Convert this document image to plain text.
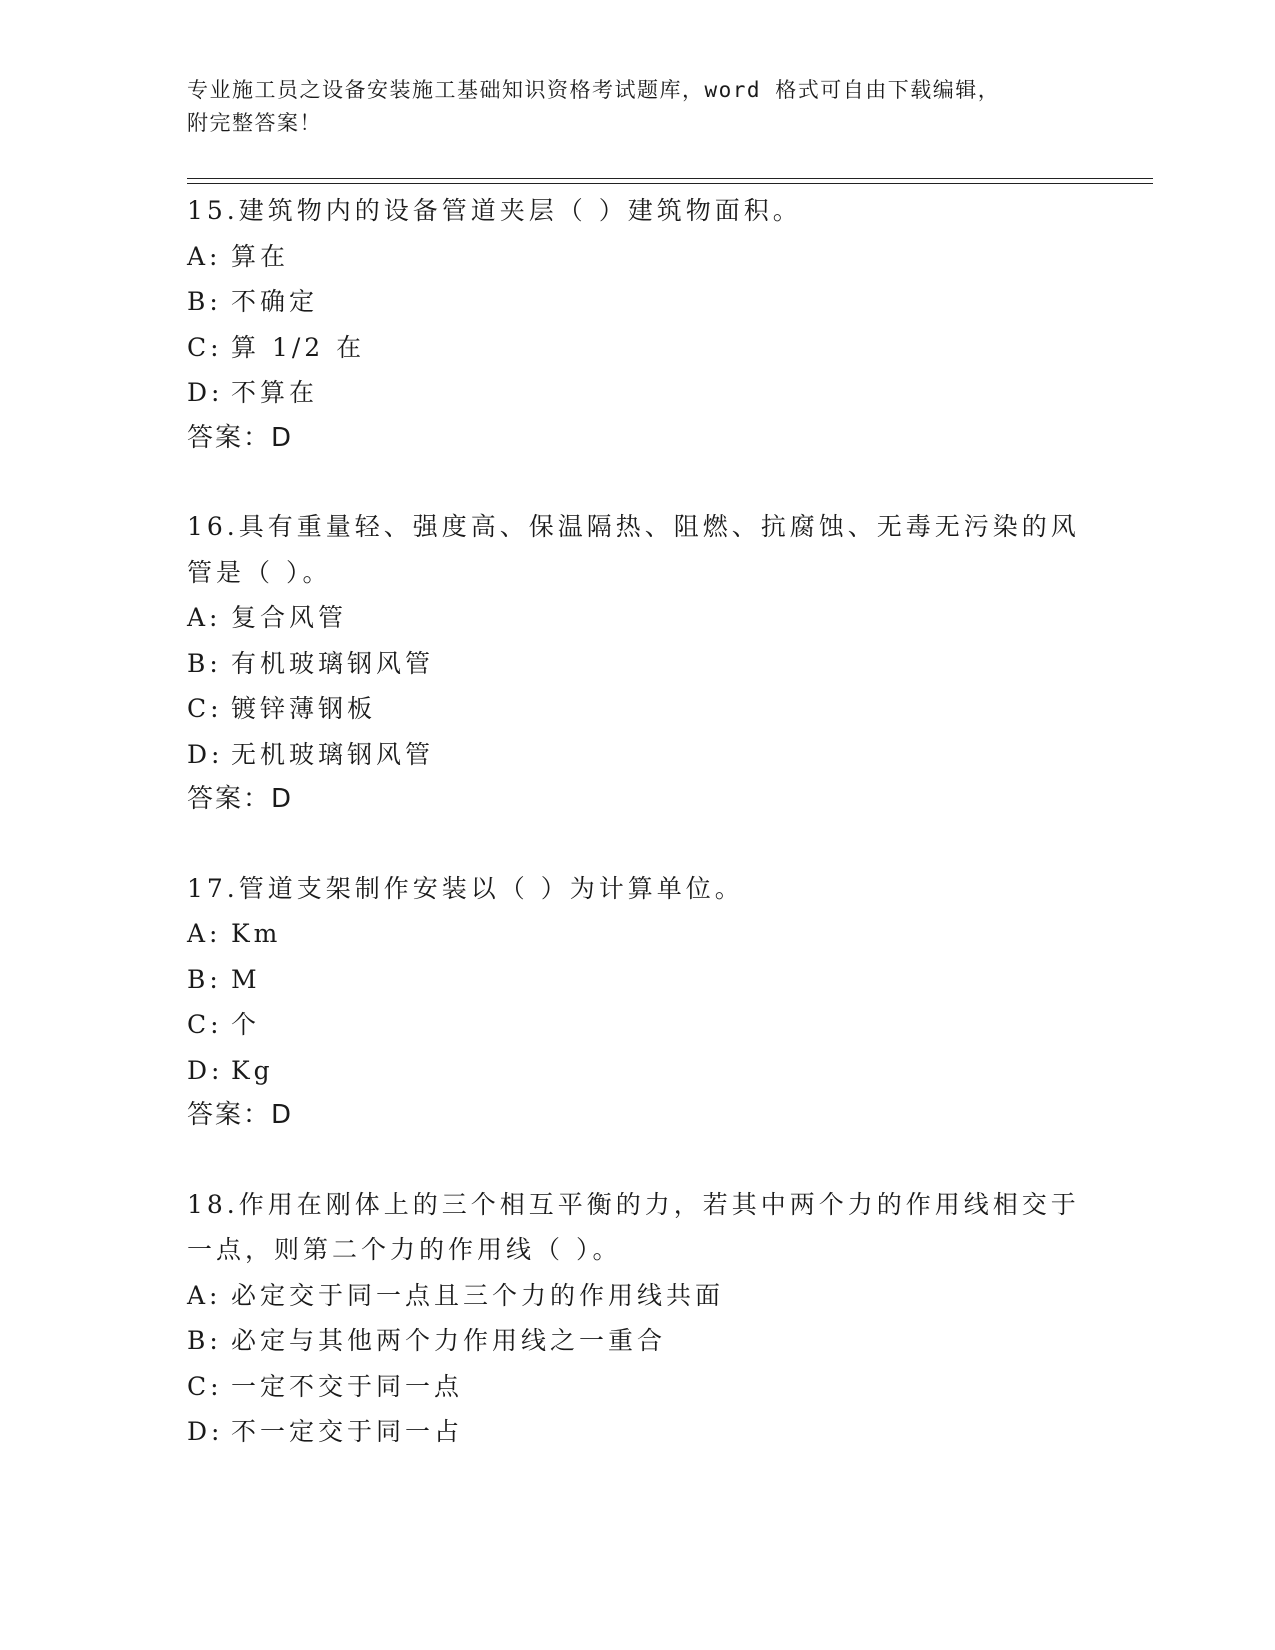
专业施工员之设备安装施工基础知识资格考试题库，word 格式可自由下载编辑，
附完整答案！
15.建筑物内的设备管道夹层（ ）建筑物面积。
A: 算在
B: 不确定
C: 算 1/2 在
D: 不算在
答案：D
16.具有重量轻、强度高、保温隔热、阻燃、抗腐蚀、无毒无污染的风
管是（ ）。
A: 复合风管
B: 有机玻璃钢风管
C: 镀锌薄钢板
D: 无机玻璃钢风管
答案：D
17.管道支架制作安装以（ ）为计算单位。
A: Km
B: M
C: 个
D: Kg
答案：D
18.作用在刚体上的三个相互平衡的力，若其中两个力的作用线相交于
一点，则第二个力的作用线（ ）。
A: 必定交于同一点且三个力的作用线共面
B: 必定与其他两个力作用线之一重合
C: 一定不交于同一点
D: 不一定交于同一占
